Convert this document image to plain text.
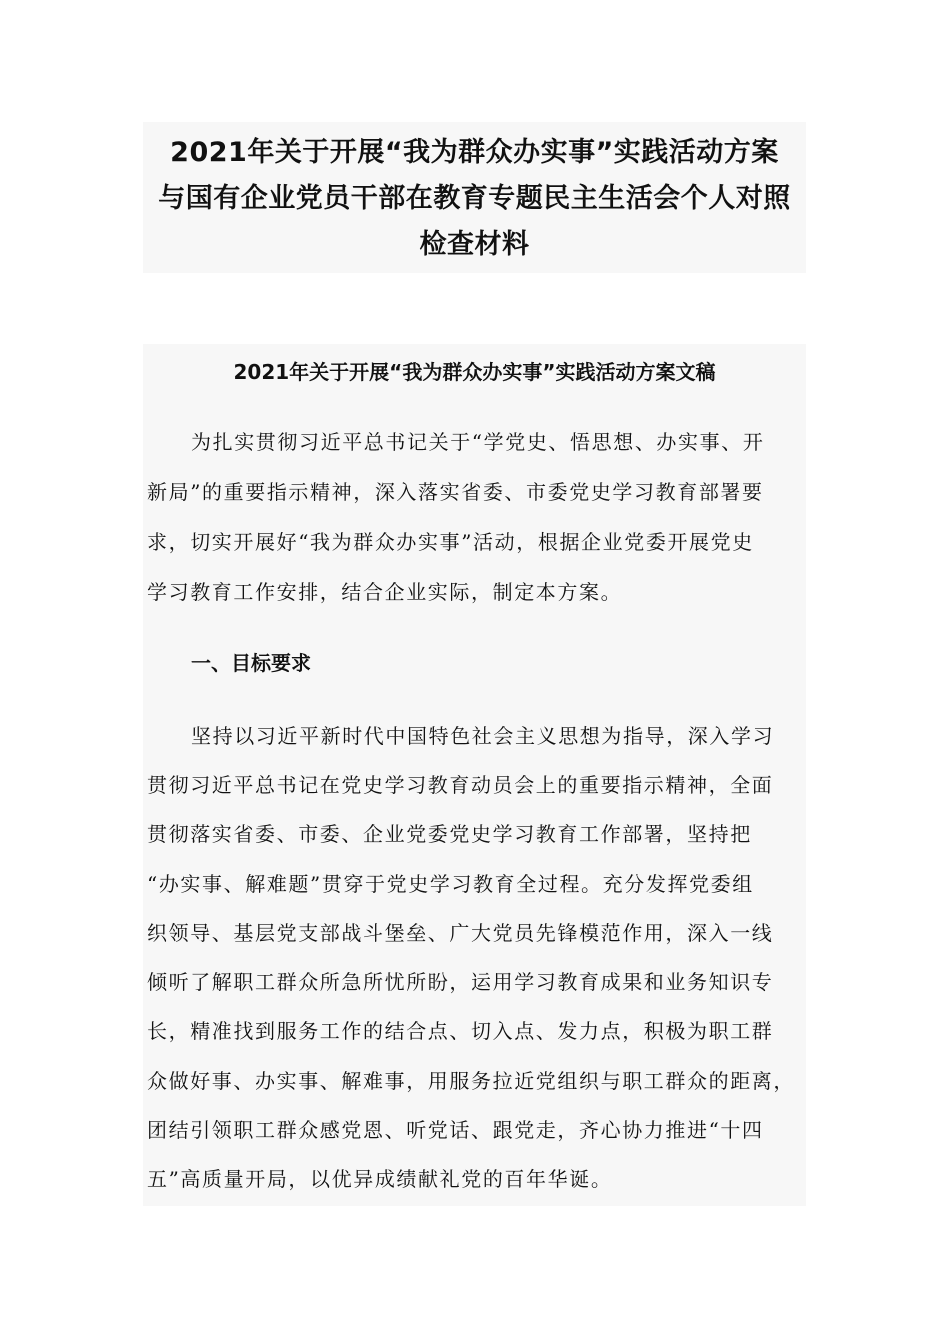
2021年关于开展“我为群众办实事”实践活动方案
与国有企业党员干部在教育专题民主生活会个人对照
检查材料
2021年关于开展“我为群众办实事”实践活动方案文稿
为扎实贯彻习近平总书记关于“学党史、悟思想、办实事、开
新局”的重要指示精神，深入落实省委、市委党史学习教育部署要
求，切实开展好“我为群众办实事”活动，根据企业党委开展党史
学习教育工作安排，结合企业实际，制定本方案。
一、目标要求
坚持以习近平新时代中国特色社会主义思想为指导，深入学习
贯彻习近平总书记在党史学习教育动员会上的重要指示精神，全面
贯彻落实省委、市委、企业党委党史学习教育工作部署，坚持把
“办实事、解难题”贯穿于党史学习教育全过程。充分发挥党委组
织领导、基层党支部战斗堡垒、广大党员先锋模范作用，深入一线
倾听了解职工群众所急所忧所盼，运用学习教育成果和业务知识专
长，精准找到服务工作的结合点、切入点、发力点，积极为职工群
众做好事、办实事、解难事，用服务拉近党组织与职工群众的距离，
团结引领职工群众感党恩、听党话、跟党走，齐心协力推进“十四
五”高质量开局，以优异成绩献礼党的百年华诞。
